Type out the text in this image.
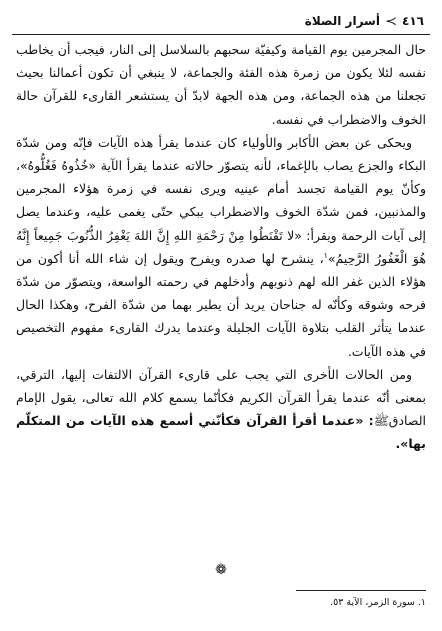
٤١٦
≻
أسرار الصلاة

حال المجرمين يوم القيامة وكيفيّة سحبهم بالسلاسل إلى النار، فيجب أن يخاطب نفسه لئلا يكون من زمرة هذه الفئة والجماعة، لا ينبغي أن تكون أعمالنا بحيث تجعلنا من هذه الجماعة، ومن هذه الجهة لابدّ أن يستشعر القارىء للقرآن حالة الخوف والاضطراب في نفسه.

ويحكى عن بعض الأكابر والأولياء كان عندما يقرأ هذه الآيات فإنّه ومن شدّة البكاء والجزع يصاب بالإغماء، لأنه يتصوّر حالاته عندما يقرأ الآية «خُذُوهُ فَغُلُّوهُ»، وكأنّ يوم القيامة تجسد أمام عينيه ويرى نفسه في زمرة هؤلاء المجرمين والمذنبين، فمن شدّة الخوف والاضطراب يبكي حتّى يغمى عليه، وعندما يصل إلى آيات الرحمة ويقرأ: «لا تَقْنَطُوا مِنْ رَحْمَةِ اللهِ إِنَّ اللهَ يَغْفِرُ الذُّنُوبَ جَمِيعاً إِنَّهُ هُوَ الْغَفُورُ الرَّحِيمُ»$^١$، ينشرح لها صدره ويفرح ويقول إن شاء الله أنا أكون من هؤلاء الذين غفر الله لهم ذنوبهم وأدخلهم في رحمته الواسعة، ويتصوّر من شدّة فرحه وشوقه وكأنّه له جناحان يريد أن يطير بهما من شدّة الفرح، وهكذا الحال عندما يتأثر القلب بتلاوة الآيات الجليلة وعندما يدرك القارىء مفهوم التخصيص في هذه الآيات.

ومن الحالات الأخرى التي يجب على قارىء القرآن الالتفات إليها، الترقي، بمعنى أنّه عندما يقرأ القرآن الكريم فكأنّما يسمع كلام الله تعالى، يقول الإمام الصادقﷺ: «عندما أقرأ القرآن فكأنّني أسمع هذه الآيات من المتكلّم بها».

❁
١. سورة الزمر، الآية ٥٣.
